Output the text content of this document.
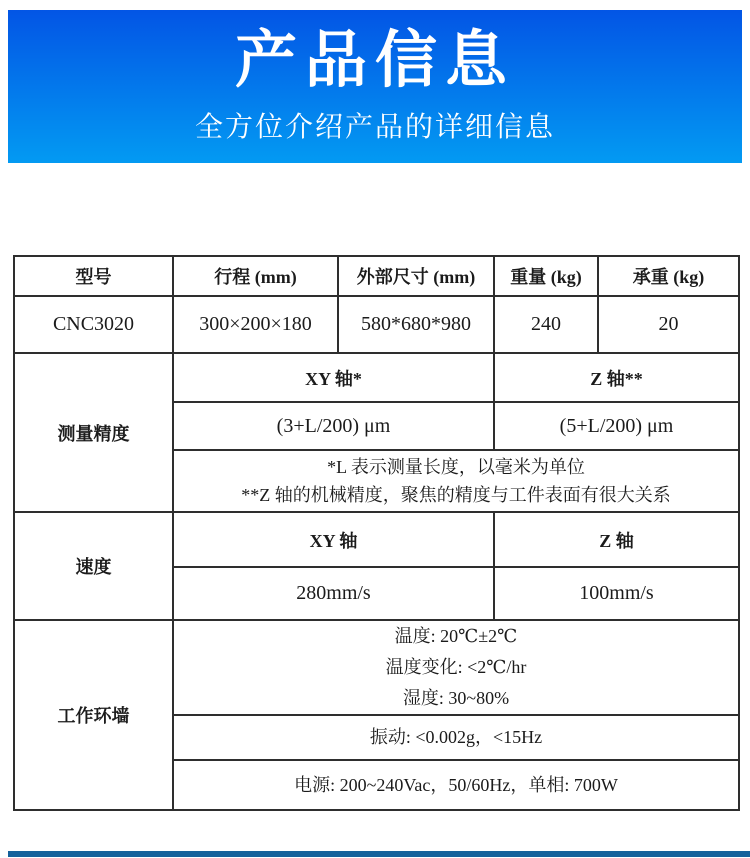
产品信息
全方位介绍产品的详细信息
型号	行程 (mm)	外部尺寸 (mm)	重量 (kg)	承重 (kg)
CNC3020	300×200×180	580*680*980	240	20
测量精度	XY 轴*		Z 轴**	
	(3+L/200) μm		(5+L/200) μm	

	*L 表示测量长度，以毫米为单位
**Z 轴的机械精度，聚焦的精度与工件表面有很大关系			

速度	XY 轴		Z 轴	
	280mm/s		100mm/s	
工作环墙	温度: 20℃±2℃
温度变化: <2℃/hr
湿度: 30~80%			

	振动: <0.002g，<15Hz			
	电源: 200~240Vac，50/60Hz，单相: 700W			
